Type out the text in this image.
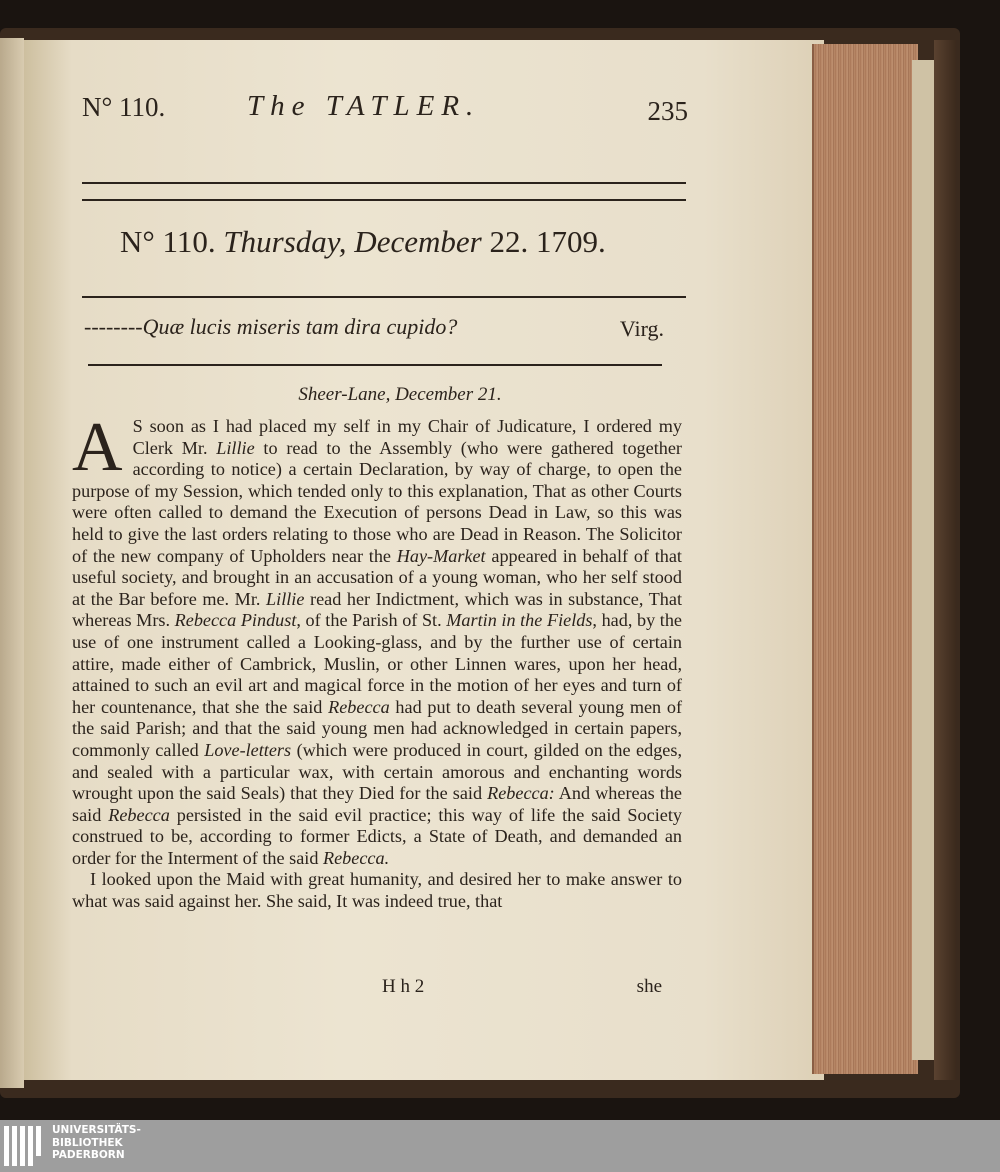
N° 110.	The TATLER.	235
N° 110. Thursday, December 22. 1709.
--------Quæ lucis miseris tam dira cupido?	Virg.
Sheer-Lane, December 21.

A S soon as I had placed my self in my Chair of Judicature, I ordered my Clerk Mr. Lillie to read to the Assembly (who were gathered together according to notice) a certain Declaration, by way of charge, to open the purpose of my Session, which tended only to this explanation, That as other Courts were often called to demand the Execution of persons Dead in Law, so this was held to give the last orders relating to those who are Dead in Reason. The Solicitor of the new company of Upholders near the Hay-Market appeared in behalf of that useful society, and brought in an accusation of a young woman, who her self stood at the Bar before me. Mr. Lillie read her Indictment, which was in substance, That whereas Mrs. Rebecca Pindust, of the Parish of St. Martin in the Fields, had, by the use of one instrument called a Looking-glass, and by the further use of certain attire, made either of Cambrick, Muslin, or other Linnen wares, upon her head, attained to such an evil art and magical force in the motion of her eyes and turn of her countenance, that she the said Rebecca had put to death several young men of the said Parish; and that the said young men had acknowledged in certain papers, commonly called Love-letters (which were produced in court, gilded on the edges, and sealed with a particular wax, with certain amorous and enchanting words wrought upon the said Seals) that they Died for the said Rebecca: And whereas the said Rebecca persisted in the said evil practice; this way of life the said Society construed to be, according to former Edicts, a State of Death, and demanded an order for the Interment of the said Rebecca.

I looked upon the Maid with great humanity, and desired her to make answer to what was said against her. She said, It was indeed true, that

H h 2	she
UNIVERSITÄTS-
BIBLIOTHEK
PADERBORN
